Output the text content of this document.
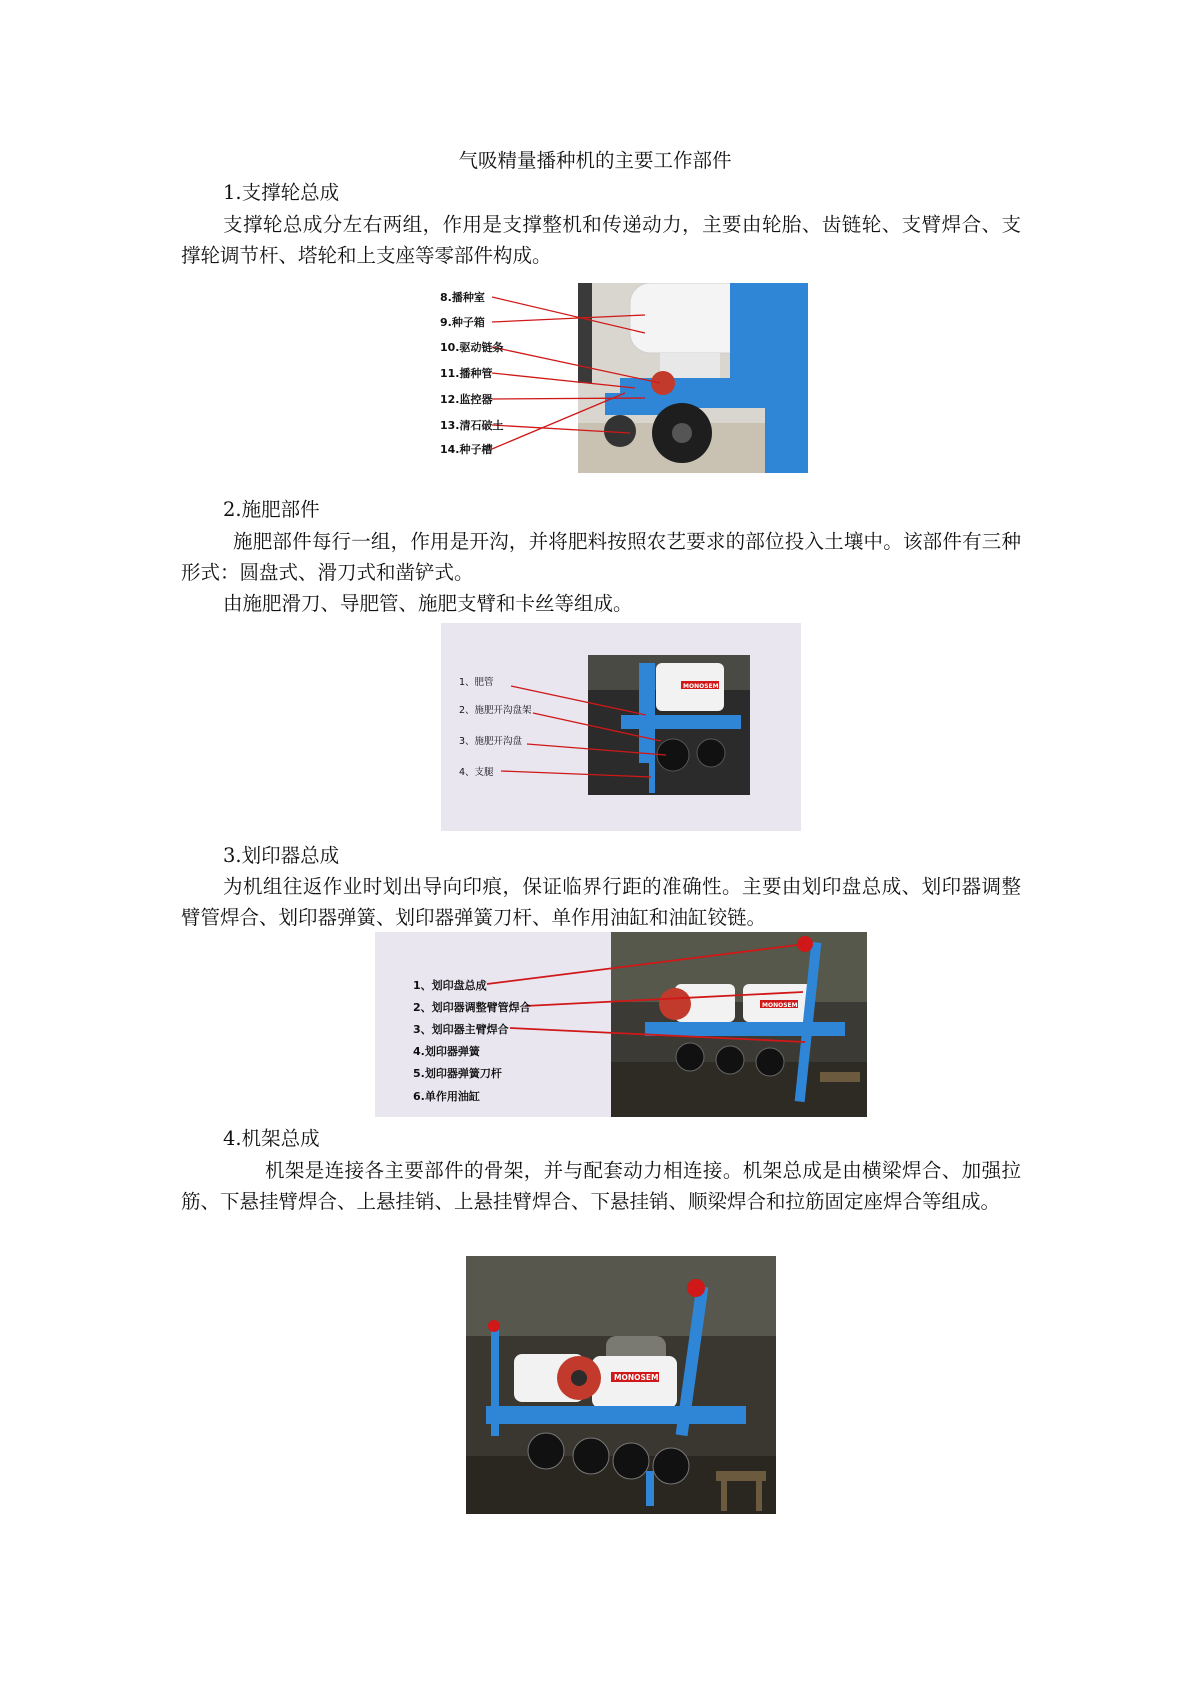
气吸精量播种机的主要工作部件
1.支撑轮总成
支撑轮总成分左右两组，作用是支撑整机和传递动力，主要由轮胎、齿链轮、支臂焊合、支撑轮调节杆、塔轮和上支座等零部件构成。
8.播种室
9.种子箱
10.驱动链条
11.播种管
12.监控器
13.清石破土
14.种子槽
2.施肥部件
施肥部件每行一组，作用是开沟，并将肥料按照农艺要求的部位投入土壤中。该部件有三种形式：圆盘式、滑刀式和凿铲式。
由施肥滑刀、导肥管、施肥支臂和卡丝等组成。
MONOSEM
1、肥管
2、施肥开沟盘架
3、施肥开沟盘
4、支腿
3.划印器总成
为机组往返作业时划出导向印痕，保证临界行距的准确性。主要由划印盘总成、划印器调整臂管焊合、划印器弹簧、划印器弹簧刀杆、单作用油缸和油缸铰链。
MONOSEM
1、划印盘总成
2、划印器调整臂管焊合
3、划印器主臂焊合
4.划印器弹簧
5.划印器弹簧刀杆
6.单作用油缸
4.机架总成
机架是连接各主要部件的骨架，并与配套动力相连接。机架总成是由横梁焊合、加强拉筋、下悬挂臂焊合、上悬挂销、上悬挂臂焊合、下悬挂销、顺梁焊合和拉筋固定座焊合等组成。
MONOSEM
